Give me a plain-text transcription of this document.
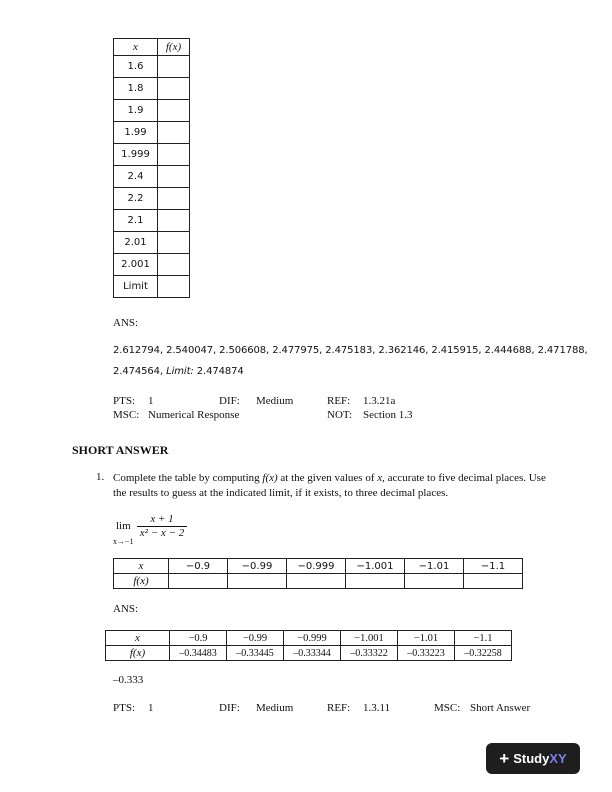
x	f(x)
1.6	
1.8	
1.9	
1.99	
1.999	
2.4	
2.2	
2.1	
2.01	
2.001	
Limit	
ANS:
2.612794, 2.540047, 2.506608, 2.477975, 2.475183, 2.362146, 2.415915, 2.444688, 2.471788,
2.474564, Limit: 2.474874
PTS: 1	DIF: Medium	REF: 1.3.21a
MSC: Numerical Response	NOT: Section 1.3
SHORT ANSWER
1. Complete the table by computing f(x) at the given values of x, accurate to five decimal places. Use the results to guess at the indicated limit, if it exists, to three decimal places.
lim
x→−1
$\frac{x + 1}{\text{x² − x − 2}}$
x	−0.9	−0.99	−0.999	−1.001	−1.01	−1.1
f(x)						
ANS:
x	−0.9	−0.99	−0.999	−1.001	−1.01	−1.1
f(x)	–0.34483	–0.33445	–0.33344	–0.33322	–0.33223	–0.32258
–0.333
PTS: 1	DIF: Medium	REF: 1.3.11	MSC: Short Answer
+ Study XY
